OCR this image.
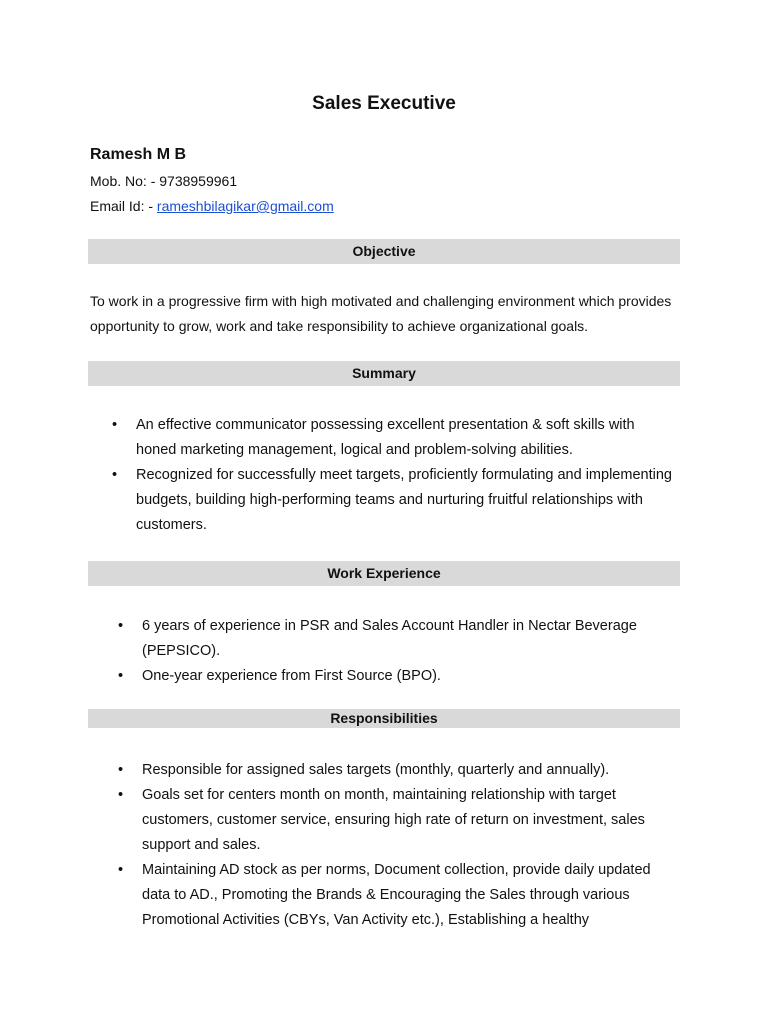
Sales Executive
Ramesh M B
Mob. No: - 9738959961
Email Id: - rameshbilagikar@gmail.com
Objective

To work in a progressive firm with high motivated and challenging environment which provides opportunity to grow, work and take responsibility to achieve organizational goals.

Summary
• An effective communicator possessing excellent presentation & soft skills with honed marketing management, logical and problem-solving abilities.
• Recognized for successfully meet targets, proficiently formulating and implementing budgets, building high-performing teams and nurturing fruitful relationships with customers.
Work Experience
• 6 years of experience in PSR and Sales Account Handler in Nectar Beverage (PEPSICO).
• One-year experience from First Source (BPO).
Responsibilities
• Responsible for assigned sales targets (monthly, quarterly and annually).
• Goals set for centers month on month, maintaining relationship with target customers, customer service, ensuring high rate of return on investment, sales support and sales.
• Maintaining AD stock as per norms, Document collection, provide daily updated data to AD., Promoting the Brands & Encouraging the Sales through various Promotional Activities (CBYs, Van Activity etc.), Establishing a healthy
